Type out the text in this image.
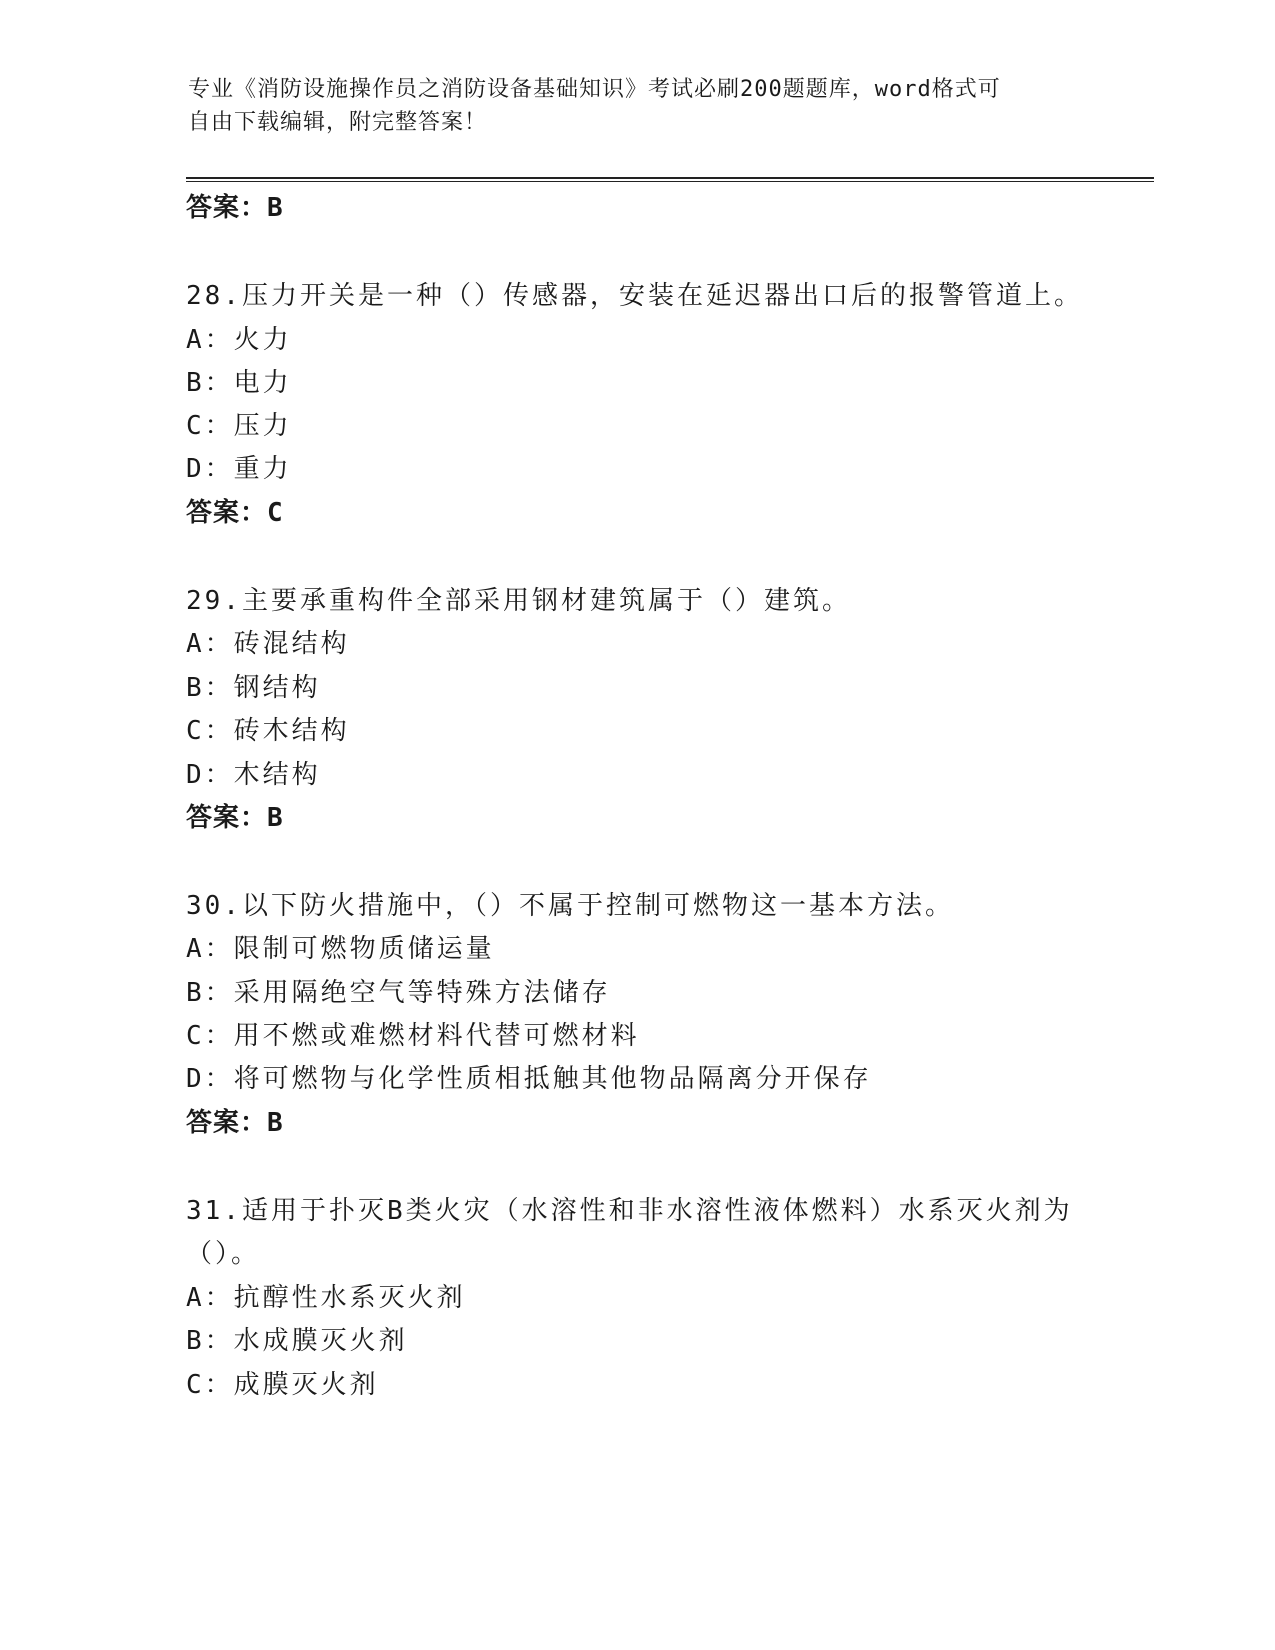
专业《消防设施操作员之消防设备基础知识》考试必刷200题题库，word格式可
自由下载编辑，附完整答案！
答案：B
28.压力开关是一种（）传感器，安装在延迟器出口后的报警管道上。
A：火力
B：电力
C：压力
D：重力
答案：C
29.主要承重构件全部采用钢材建筑属于（）建筑。
A：砖混结构
B：钢结构
C：砖木结构
D：木结构
答案：B
30.以下防火措施中，（）不属于控制可燃物这一基本方法。
A：限制可燃物质储运量
B：采用隔绝空气等特殊方法储存
C：用不燃或难燃材料代替可燃材料
D：将可燃物与化学性质相抵触其他物品隔离分开保存
答案：B
31.适用于扑灭B类火灾（水溶性和非水溶性液体燃料）水系灭火剂为
（）。
A：抗醇性水系灭火剂
B：水成膜灭火剂
C：成膜灭火剂
